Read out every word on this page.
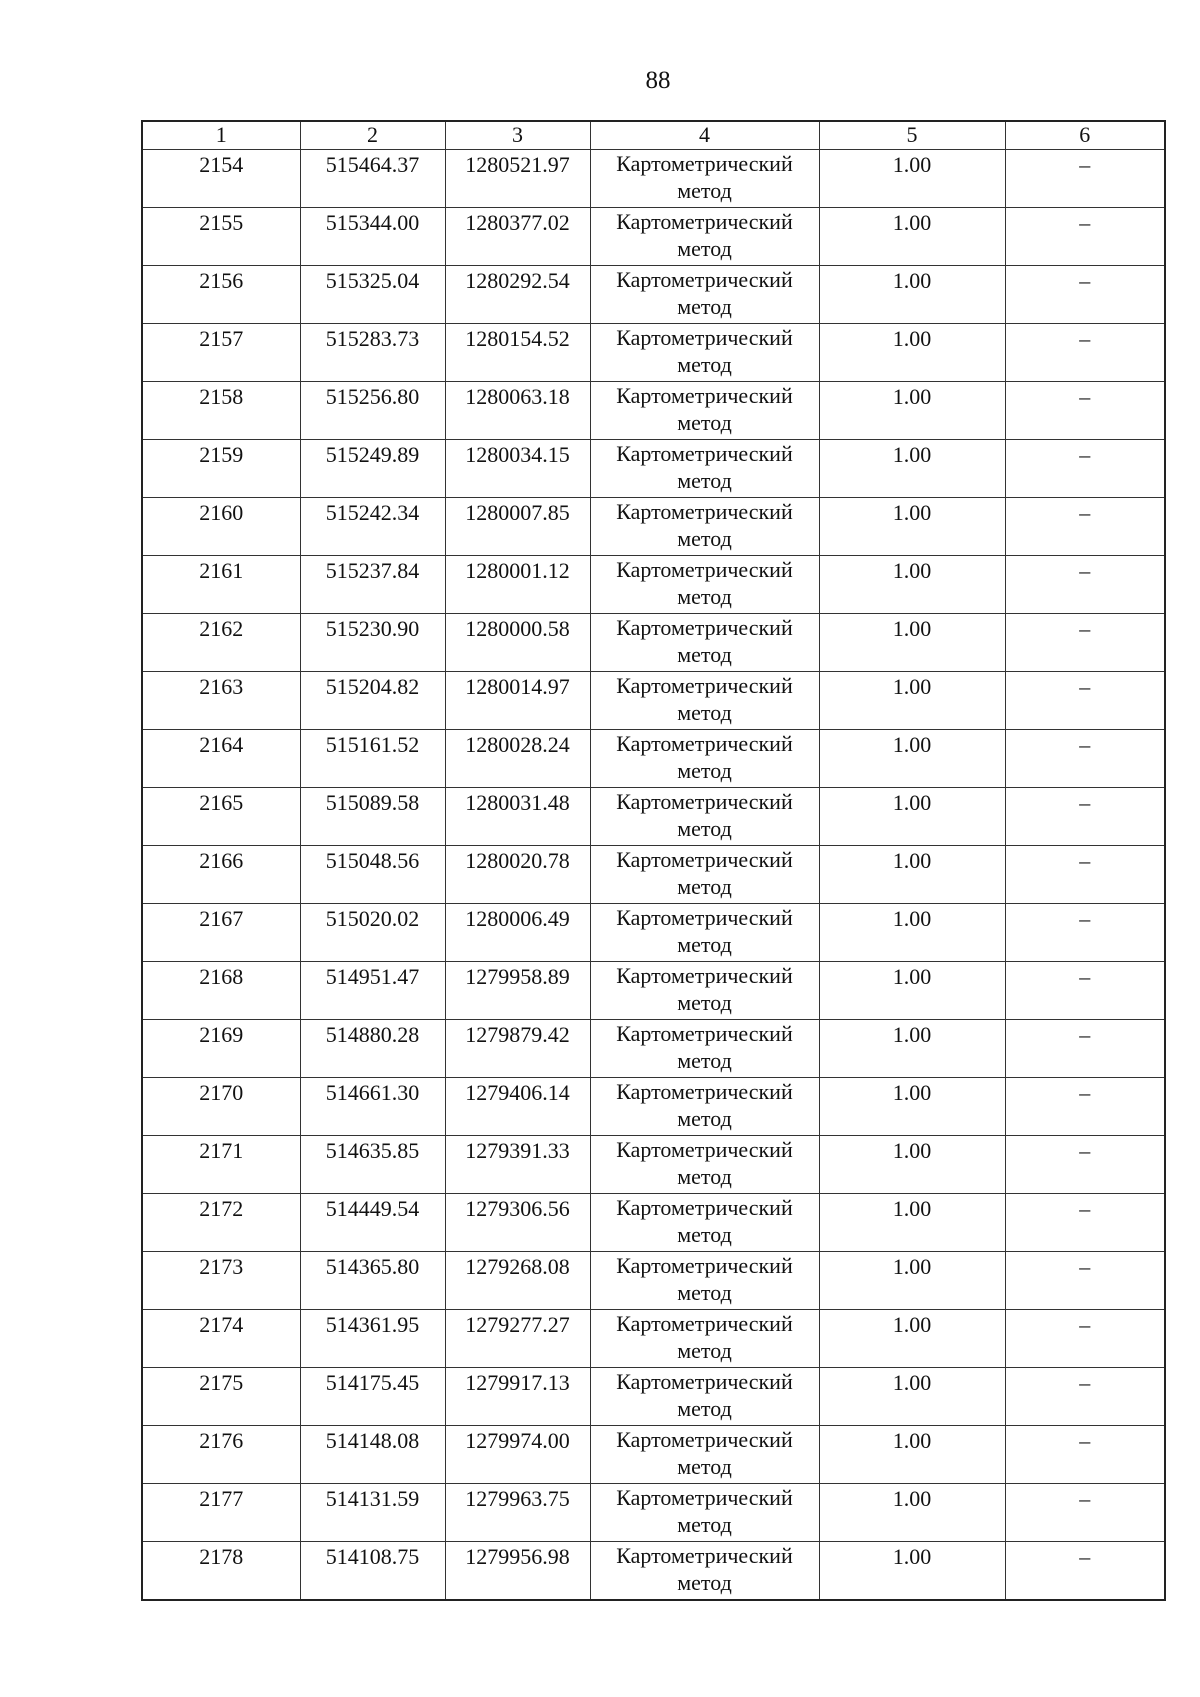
88
1	2	3	4	5	6
2154	515464.37	1280521.97	Картометрический метод	1.00	–
2155	515344.00	1280377.02	Картометрический метод	1.00	–
2156	515325.04	1280292.54	Картометрический метод	1.00	–
2157	515283.73	1280154.52	Картометрический метод	1.00	–
2158	515256.80	1280063.18	Картометрический метод	1.00	–
2159	515249.89	1280034.15	Картометрический метод	1.00	–
2160	515242.34	1280007.85	Картометрический метод	1.00	–
2161	515237.84	1280001.12	Картометрический метод	1.00	–
2162	515230.90	1280000.58	Картометрический метод	1.00	–
2163	515204.82	1280014.97	Картометрический метод	1.00	–
2164	515161.52	1280028.24	Картометрический метод	1.00	–
2165	515089.58	1280031.48	Картометрический метод	1.00	–
2166	515048.56	1280020.78	Картометрический метод	1.00	–
2167	515020.02	1280006.49	Картометрический метод	1.00	–
2168	514951.47	1279958.89	Картометрический метод	1.00	–
2169	514880.28	1279879.42	Картометрический метод	1.00	–
2170	514661.30	1279406.14	Картометрический метод	1.00	–
2171	514635.85	1279391.33	Картометрический метод	1.00	–
2172	514449.54	1279306.56	Картометрический метод	1.00	–
2173	514365.80	1279268.08	Картометрический метод	1.00	–
2174	514361.95	1279277.27	Картометрический метод	1.00	–
2175	514175.45	1279917.13	Картометрический метод	1.00	–
2176	514148.08	1279974.00	Картометрический метод	1.00	–
2177	514131.59	1279963.75	Картометрический метод	1.00	–
2178	514108.75	1279956.98	Картометрический метод	1.00	–
